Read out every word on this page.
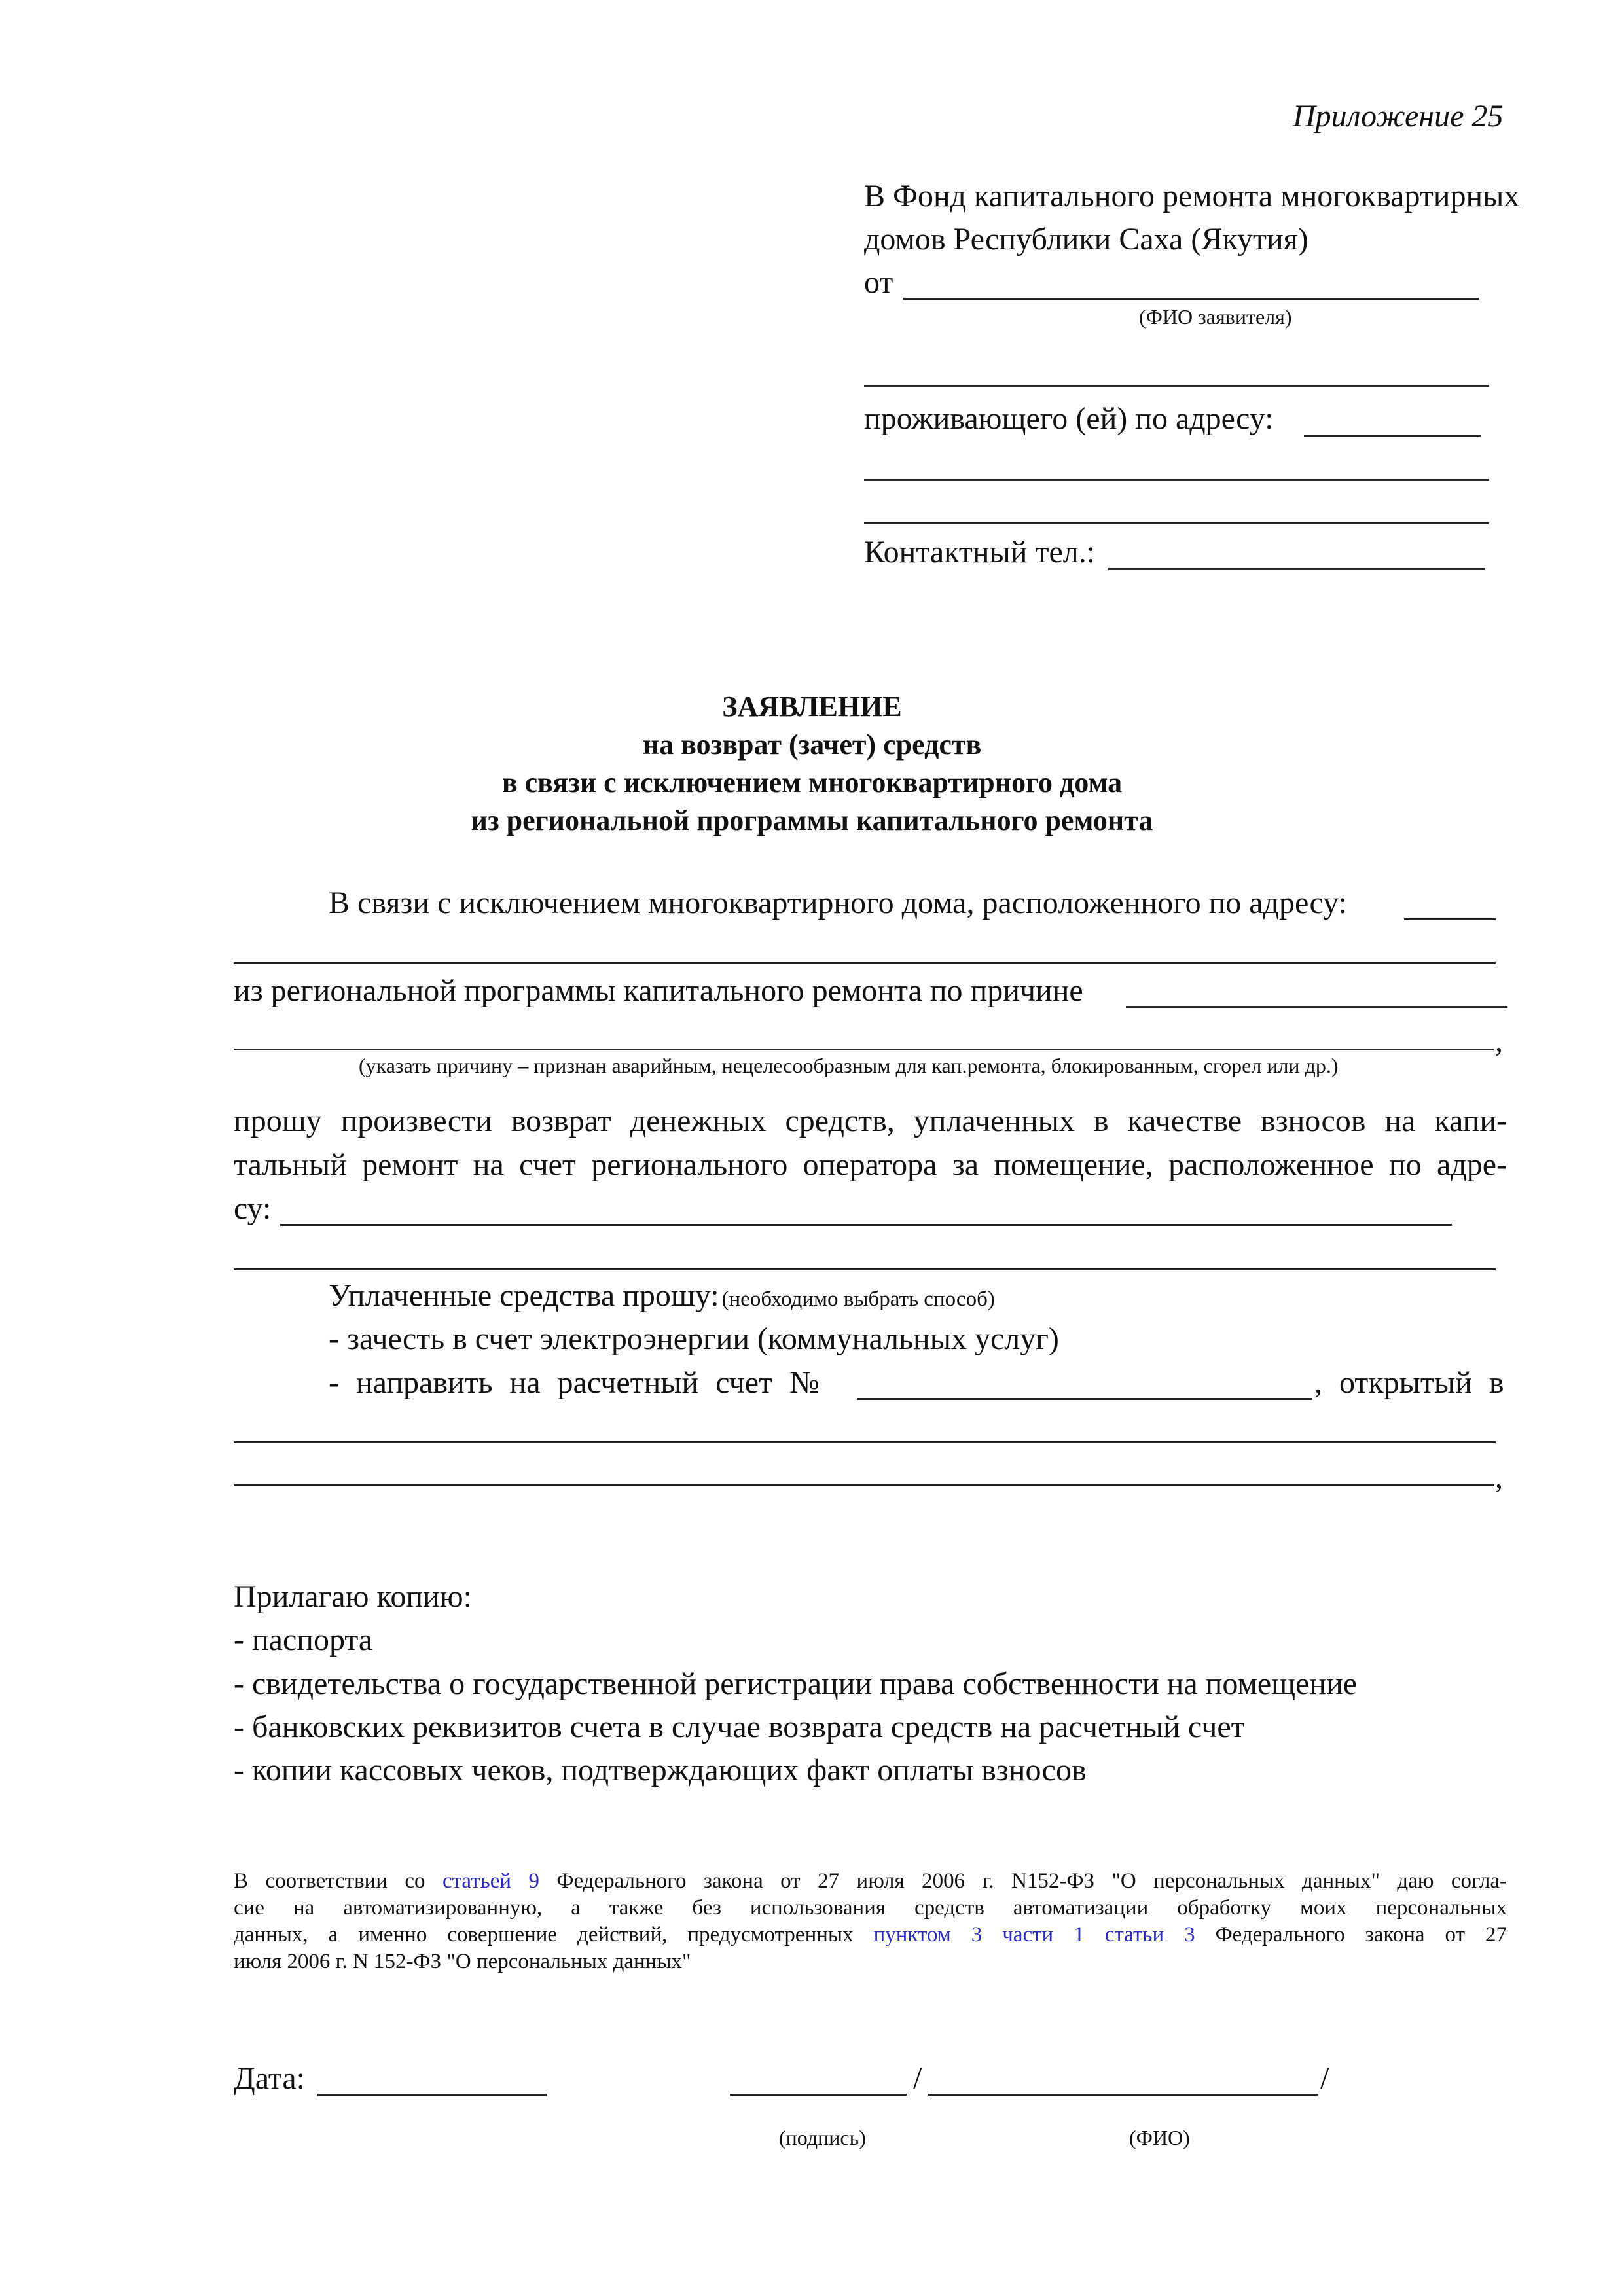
Приложение 25
В Фонд капитального ремонта многоквартирных
домов Республики Саха (Якутия)
от
(ФИО заявителя)
проживающего (ей) по адресу:
Контактный тел.:
ЗАЯВЛЕНИЕ
на возврат (зачет) средств
в связи с исключением многоквартирного дома
из региональной программы капитального ремонта
В связи с исключением многоквартирного дома, расположенного по адресу:
из региональной программы капитального ремонта по причине
,
(указать причину – признан аварийным, нецелесообразным для кап.ремонта, блокированным, сгорел или др.)
прошу произвести возврат денежных средств, уплаченных в качестве взносов на капи-
тальный ремонт на счет регионального оператора за помещение, расположенное по адре-
су:
Уплаченные средства прошу: (необходимо выбрать способ)
- зачесть в счет электроэнергии (коммунальных услуг)
- направить на расчетный счет №	, открытый в
,
Прилагаю копию:
- паспорта
- свидетельства о государственной регистрации права собственности на помещение
- банковских реквизитов счета в случае возврата средств на расчетный счет
- копии кассовых чеков, подтверждающих факт оплаты взносов
В соответствии со статьей 9 Федерального закона от 27 июля 2006 г. N152-ФЗ "О персональных данных" даю согла-
сие на автоматизированную, а также без использования средств автоматизации обработку моих персональных
данных, а именно совершение действий, предусмотренных пунктом 3 части 1 статьи 3 Федерального закона от 27
июля 2006 г. N 152-ФЗ "О персональных данных"
Дата:	/	/
(подпись)	(ФИО)
